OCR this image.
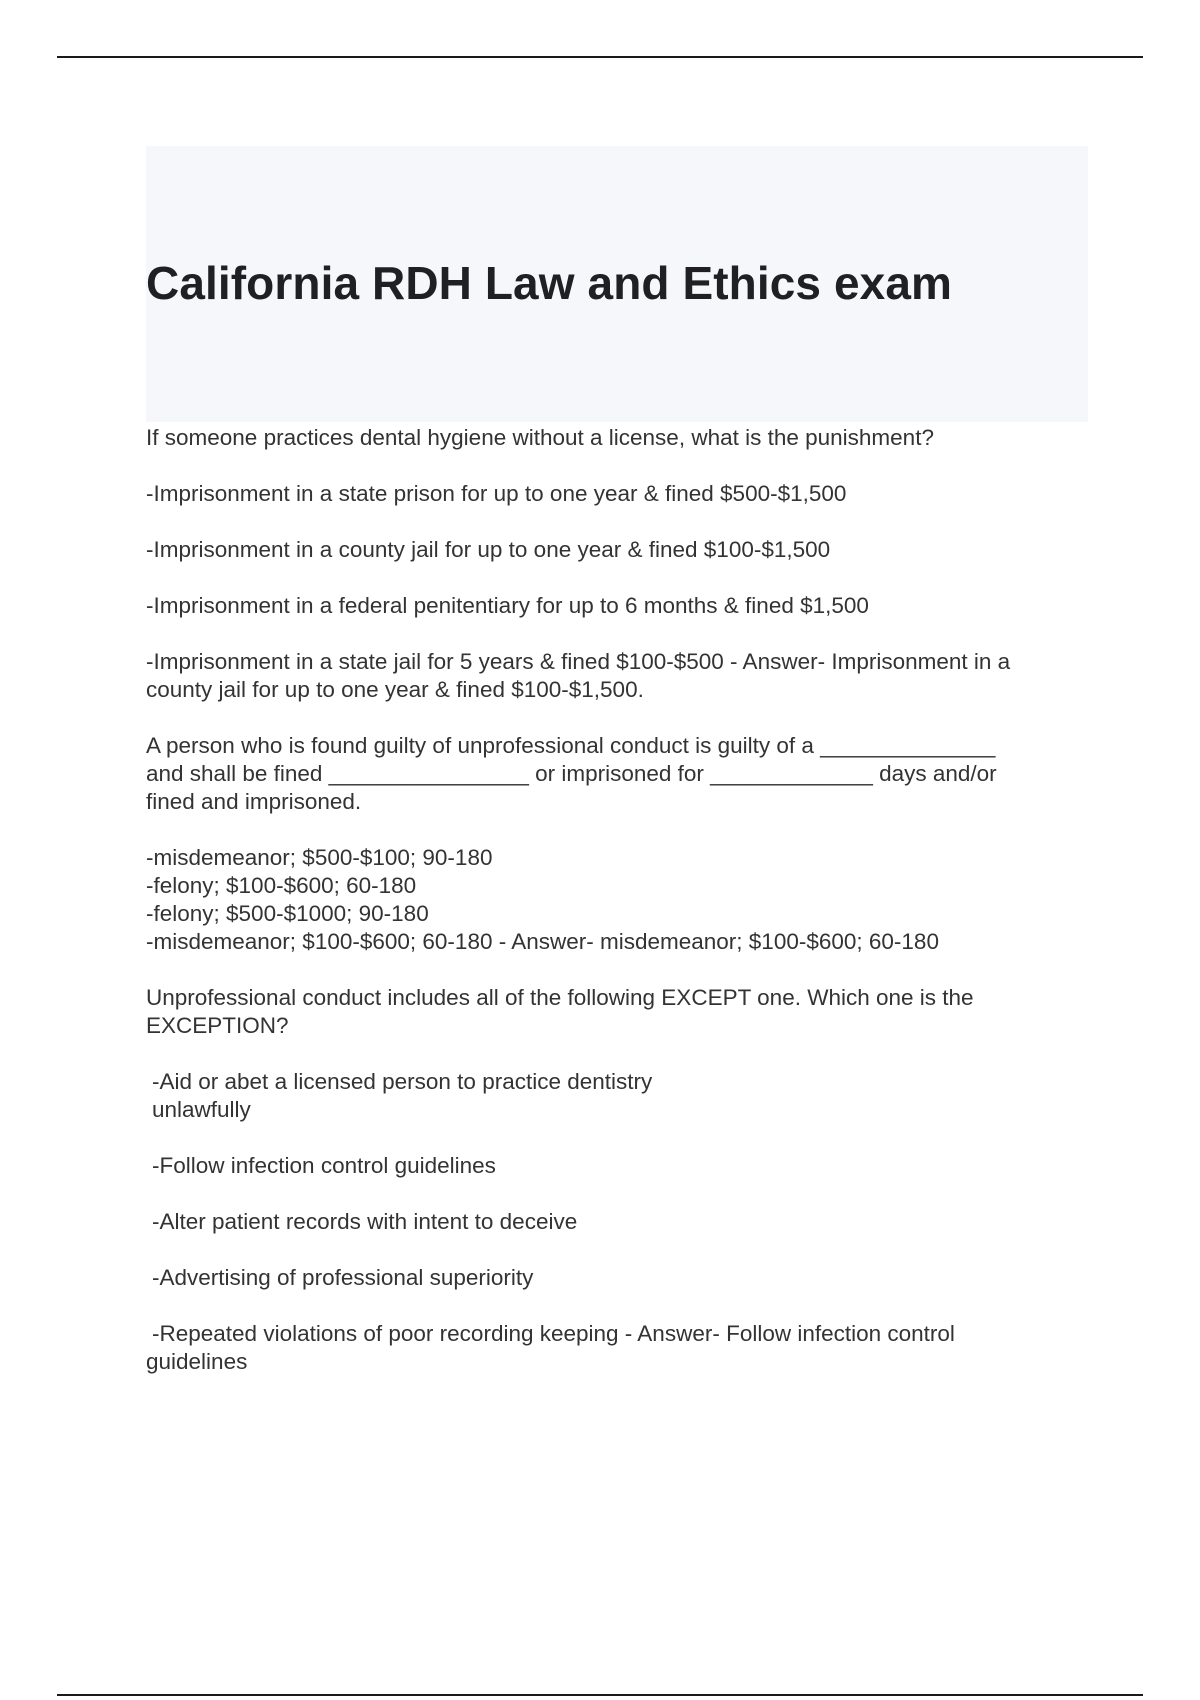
California RDH Law and Ethics exam

If someone practices dental hygiene without a license, what is the punishment?

-Imprisonment in a state prison for up to one year & fined $500-$1,500

-Imprisonment in a county jail for up to one year & fined $100-$1,500

-Imprisonment in a federal penitentiary for up to 6 months & fined $1,500

-Imprisonment in a state jail for 5 years & fined $100-$500 - Answer- Imprisonment in a
county jail for up to one year & fined $100-$1,500.

A person who is found guilty of unprofessional conduct is guilty of a ______________
and shall be fined ________________ or imprisoned for _____________ days and/or
fined and imprisoned.

-misdemeanor; $500-$100; 90-180
-felony; $100-$600; 60-180
-felony; $500-$1000; 90-180
-misdemeanor; $100-$600; 60-180 - Answer- misdemeanor; $100-$600; 60-180

Unprofessional conduct includes all of the following EXCEPT one. Which one is the
EXCEPTION?

-Aid or abet a licensed person to practice dentistry
unlawfully

-Follow infection control guidelines

-Alter patient records with intent to deceive

-Advertising of professional superiority

-Repeated violations of poor recording keeping - Answer- Follow infection control
guidelines
